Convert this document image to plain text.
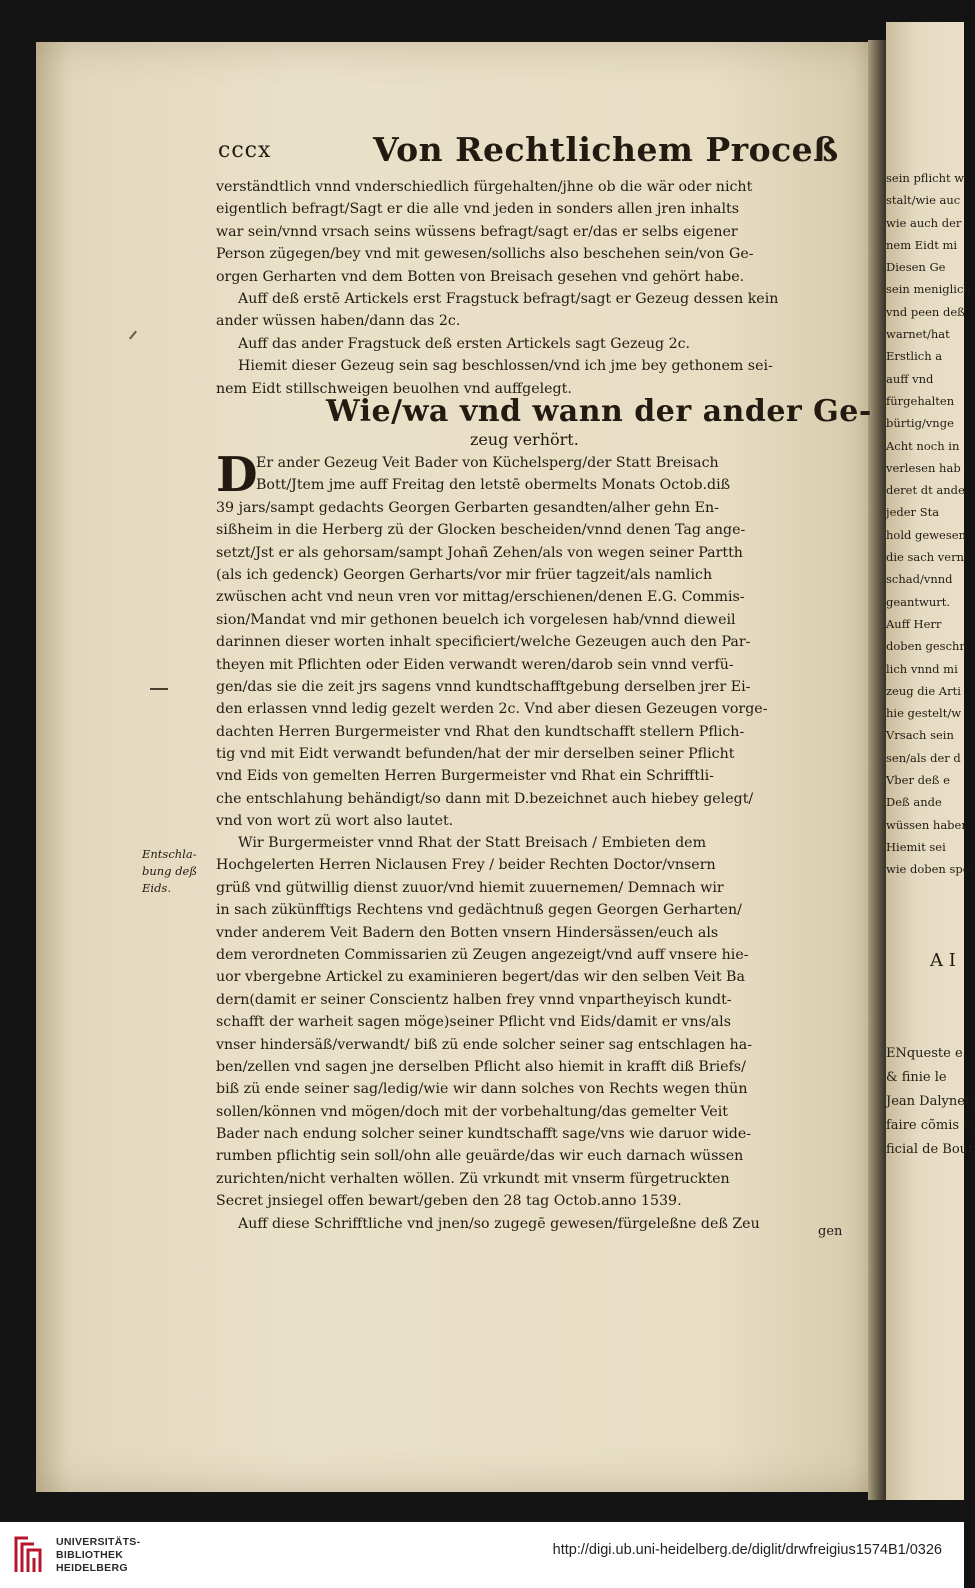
sein pflicht w
stalt/wie auc
wie auch der
nem Eidt mi
Diesen Ge
sein meniglich
vnd peen deß
warnet/hat
Erstlich a
auff vnd
fürgehalten
bürtig/vnge
Acht noch in
verlesen hab
deret dt ande
jeder Sta
hold gewesen
die sach vern
schad/vnnd
geantwurt.
Auff Herr
doben geschri
lich vnnd mi
zeug die Arti
hie gestelt/w
Vrsach sein
sen/als der d
Vber deß e
Deß ande
wüssen haber
Hiemit sei
wie doben spe
A I
ENqueste e
& finie le
Jean Dalynet
faire cõmis &
ficial de Bour
cccx	Von Rechtlichem Proceß
verständtlich vnnd vnderschiedlich fürgehalten/jhne ob die wär oder nicht
eigentlich befragt/Sagt er die alle vnd jeden in sonders allen jren inhalts
war sein/vnnd vrsach seins wüssens befragt/sagt er/das er selbs eigener
Person zügegen/bey vnd mit gewesen/sollichs also beschehen sein/von Ge-
orgen Gerharten vnd dem Botten von Breisach gesehen vnd gehört habe.
Auff deß erstē Artickels erst Fragstuck befragt/sagt er Gezeug dessen kein
ander wüssen haben/dann das 2c.
Auff das ander Fragstuck deß ersten Artickels sagt Gezeug 2c.
Hiemit dieser Gezeug sein sag beschlossen/vnd ich jme bey gethonem sei-
nem Eidt stillschweigen beuolhen vnd auffgelegt.
Wie/wa vnd wann der ander Ge-
zeug verhört.
D
Er ander Gezeug Veit Bader von Küchelsperg/der Statt Breisach
Bott/Jtem jme auff Freitag den letstē obermelts Monats Octob.diß
39 jars/sampt gedachts Georgen Gerbarten gesandten/alher gehn En-
sißheim in die Herberg zü der Glocken bescheiden/vnnd denen Tag ange-
setzt/Jst er als gehorsam/sampt Johañ Zehen/als von wegen seiner Partth
(als ich gedenck) Georgen Gerharts/vor mir früer tagzeit/als namlich
zwüschen acht vnd neun vren vor mittag/erschienen/denen E.G. Commis-
sion/Mandat vnd mir gethonen beuelch ich vorgelesen hab/vnnd dieweil
darinnen dieser worten inhalt specificiert/welche Gezeugen auch den Par-
theyen mit Pflichten oder Eiden verwandt weren/darob sein vnnd verfü-
gen/das sie die zeit jrs sagens vnnd kundtschafftgebung derselben jrer Ei-
den erlassen vnnd ledig gezelt werden 2c. Vnd aber diesen Gezeugen vorge-
dachten Herren Burgermeister vnd Rhat den kundtschafft stellern Pflich-
tig vnd mit Eidt verwandt befunden/hat der mir derselben seiner Pflicht
vnd Eids von gemelten Herren Burgermeister vnd Rhat ein Schrifftli-
che entschlahung behändigt/so dann mit D.bezeichnet auch hiebey gelegt/
vnd von wort zü wort also lautet.
Wir Burgermeister vnnd Rhat der Statt Breisach / Embieten dem
Hochgelerten Herren Niclausen Frey / beider Rechten Doctor/vnsern
grüß vnd gütwillig dienst zuuor/vnd hiemit zuuernemen/ Demnach wir
in sach zükünfftigs Rechtens vnd gedächtnuß gegen Georgen Gerharten/
vnder anderem Veit Badern den Botten vnsern Hindersässen/euch als
dem verordneten Commissarien zü Zeugen angezeigt/vnd auff vnsere hie-
uor vbergebne Artickel zu examinieren begert/das wir den selben Veit Ba
dern(damit er seiner Conscientz halben frey vnnd vnpartheyisch kundt-
schafft der warheit sagen möge)seiner Pflicht vnd Eids/damit er vns/als
vnser hindersäß/verwandt/ biß zü ende solcher seiner sag entschlagen ha-
ben/zellen vnd sagen jne derselben Pflicht also hiemit in krafft diß Briefs/
biß zü ende seiner sag/ledig/wie wir dann solches von Rechts wegen thün
sollen/können vnd mögen/doch mit der vorbehaltung/das gemelter Veit
Bader nach endung solcher seiner kundtschafft sage/vns wie daruor wide-
rumben pflichtig sein soll/ohn alle geuärde/das wir euch darnach wüssen
zurichten/nicht verhalten wöllen. Zü vrkundt mit vnserm fürgetruckten
Secret jnsiegel offen bewart/geben den 28 tag Octob.anno 1539.
Auff diese Schrifftliche vnd jnen/so zugegē gewesen/fürgeleßne deß Zeu	gen
Entschla-
bung deß
Eids.
UNIVERSITÄTS-
BIBLIOTHEK
HEIDELBERG
http://digi.ub.uni-heidelberg.de/diglit/drwfreigius1574B1/0326
